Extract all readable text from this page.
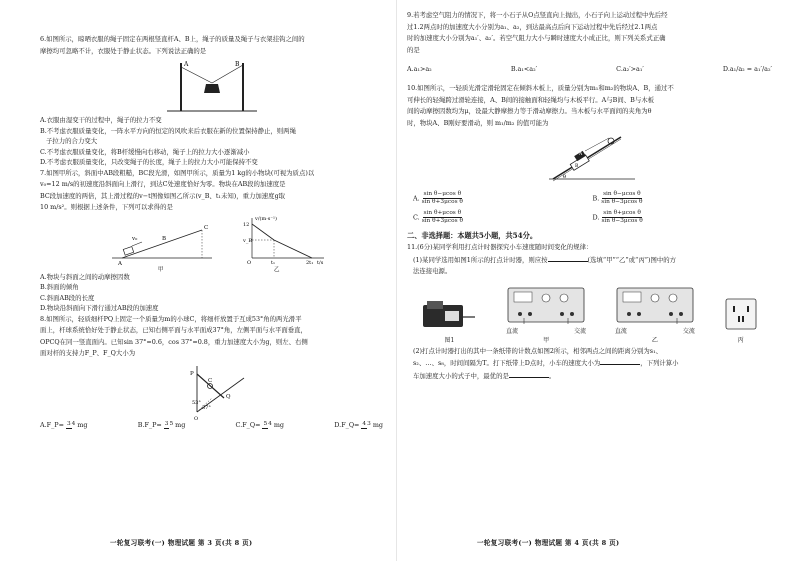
6.如图所示，晾晒衣服的绳子固定在两根竖直杆A、B上，绳子的质量及绳子与衣架挂钩之间的
摩擦均可忽略不计，衣服处于静止状态。下列说法正确的是
A	B
A.衣服由湿变干的过程中，绳子的拉力不变
B.不考虑衣服质量变化，一阵水平方向的恒定的风吹来后衣服在新的位置保持静止，则两绳
子拉力的合力变大
C.不考虑衣服质量变化，将B杆缓慢向右移动，绳子上的拉力大小逐渐减小
D.不考虑衣服质量变化，只改变绳子的长度，绳子上的拉力大小可能保持不变
7.如图甲所示，斜面中AB段粗糙，BC段光滑，如图甲所示，质量为1 kg的小物块(可视为质点)以
v₀=12 m/s的初速度沿斜面向上滑行，到达C处速度恰好为零。物块在AB段的加速度是
BC段加速度的两倍，其上滑过程的v−t图像如图乙所示(v_B、t₁未知)，重力加速度g取
10 m/s²。则根据上述条件，下列可以求得的是
v₀
C
B
A
甲
v/(m·s⁻¹)
12
v_B
O	t₁	2t₁ t/s
乙
A.物块与斜面之间的动摩擦因数
B.斜面的倾角
C.斜面AB段的长度
D.物块沿斜面向下滑行通过AB段的加速度
8.如图所示，轻质细杆PQ上固定一个质量为m的小球C，将细杆放置于互成53°角的两光滑平
面上，杆球系统恰好处于静止状态，已知右侧平面与水平面成37°角，左侧平面与水平面垂直，
OPCQ在同一竖直面内。已知sin 37°=0.6，cos 37°=0.8，重力加速度大小为g，则左、右侧
面对杆的支持力F_P、F_Q大小为
P
C
Q
53°
37°
O
A.F_P= 34 mg	B.F_P= 35 mg	C.F_Q= 54 mg	D.F_Q= 43 mg
一轮复习联考(一) 物理试题 第 3 页(共 8 页)
9.若考虑空气阻力的情况下，将一小石子从O点竖直向上抛出，小石子向上运动过程中先后经
过1.2两点时的加速度大小分别为a₁、a₂，到达最高点后向下运动过程中先后经过2.1两点
时的加速度大小分别为a₁′、a₂′。若空气阻力大小与瞬时速度大小成正比，则下列关系式正确
的是
A.a₁>a₂	B.a₁<a₂′	C.a₂′>a₁′	D.a₁/a₂ = a₁′/a₂′
10.如图所示，一轻质光滑定滑轮固定在倾斜木板上，质量分别为m₁和m₂的物块A、B，通过不
可伸长的轻绳跨过滑轮连接，A、B间的接触面和轻绳均与木板平行。A与B间、B与木板
间的动摩擦因数均为μ，设最大静摩擦力等于滑动摩擦力。当木板与水平面间的夹角为θ
时，物块A、B刚好要滑动，则 m₁/m₂ 的值可能为
A
B
θ
A. $\frac{\text{sin θ−μcos θ}}{\text{sin θ+3μcos θ}}$	B. $\frac{\text{sin θ−μcos θ}}{\text{sin θ−3μcos θ}}$
C. $\frac{\text{sin θ+μcos θ}}{\text{sin θ+3μcos θ}}$	D. $\frac{\text{sin θ+μcos θ}}{\text{sin θ−3μcos θ}}$
二、非选择题：本题共5小题，共54分。
11.(6分)某同学利用打点计时器探究小车速度随时间变化的规律：
(1)某同学选用如图1所示的打点计时器，则应按	(选填“甲”“乙”或“丙”)图中的方
法连接电源。
图1
直流	交流
甲
直流	交流
乙	丙
(2)打点计时器打出的其中一条纸带的计数点如图2所示，相邻两点之间的距离分别为s₁、
s₂、…、s₈，时间间隔为T。打下纸带上D点时，小车的速度大小为	，下列计算小
车加速度大小的式子中，最优的是	。
一轮复习联考(一) 物理试题 第 4 页(共 8 页)
